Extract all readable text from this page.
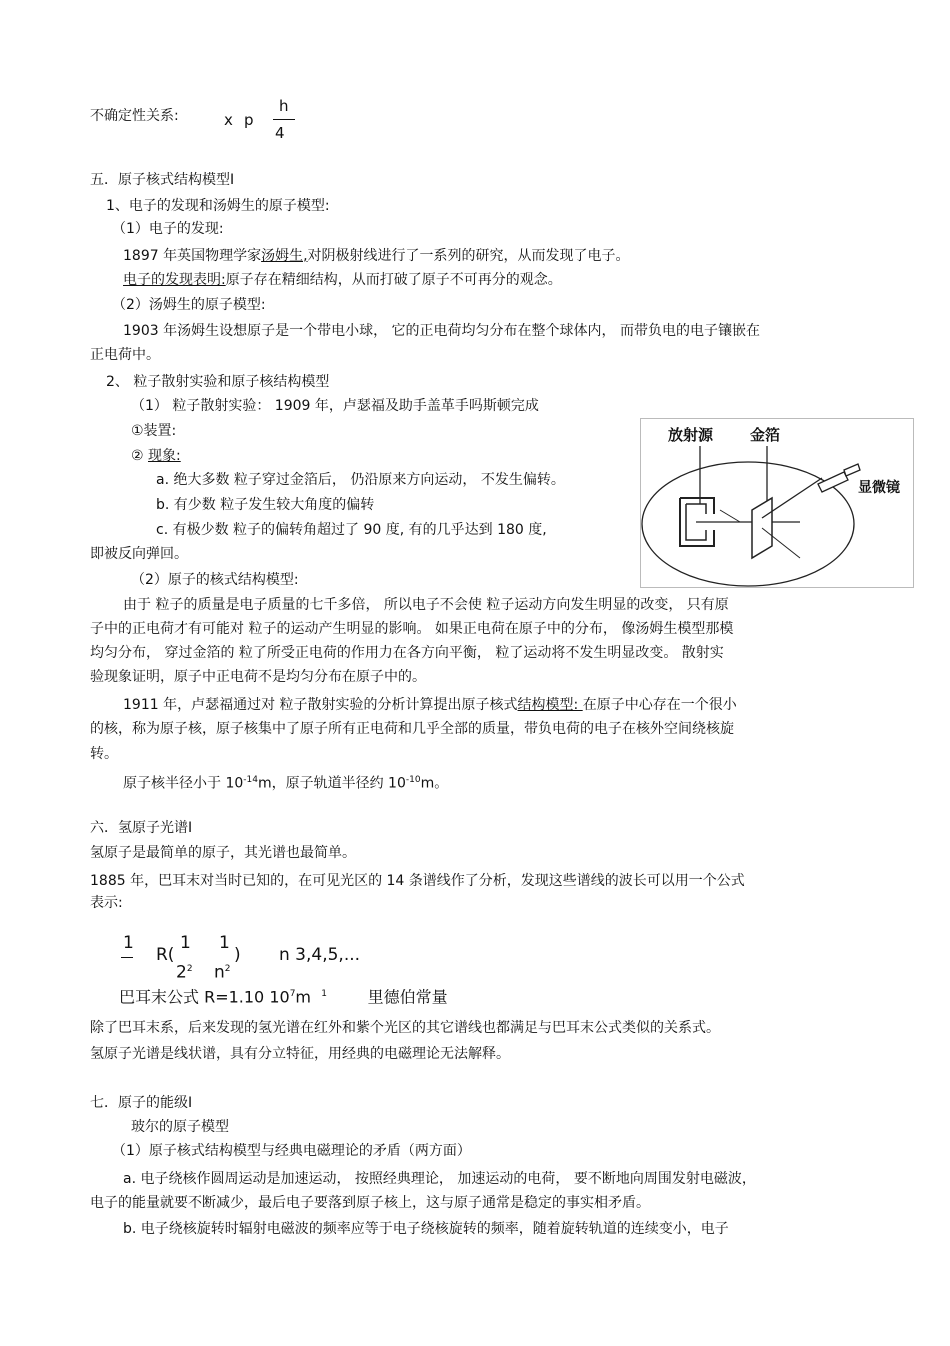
不确定性关系:	x p
h
4
五．原子核式结构模型Ⅰ
1、电子的发现和汤姆生的原子模型:
（1）电子的发现:
1897 年英国物理学家汤姆生,对阴极射线进行了一系列的研究，从而发现了电子。
电子的发现表明:原子存在精细结构，从而打破了原子不可再分的观念。
（2）汤姆生的原子模型:
1903 年汤姆生设想原子是一个带电小球， 它的正电荷均匀分布在整个球体内， 而带负电的电子镶嵌在
正电荷中。
2、 粒子散射实验和原子核结构模型
（1） 粒子散射实验： 1909 年，卢瑟福及助手盖革手吗斯顿完成
①装置:
② 现象:
a. 绝大多数 粒子穿过金箔后， 仍沿原来方向运动， 不发生偏转。
b. 有少数 粒子发生较大角度的偏转
c. 有极少数 粒子的偏转角超过了 90 度, 有的几乎达到 180 度,
即被反向弹回。
（2）原子的核式结构模型:
由于 粒子的质量是电子质量的七千多倍， 所以电子不会使 粒子运动方向发生明显的改变， 只有原
子中的正电荷才有可能对 粒子的运动产生明显的影响。 如果正电荷在原子中的分布， 像汤姆生模型那模
均匀分布， 穿过金箔的 粒了所受正电荷的作用力在各方向平衡， 粒了运动将不发生明显改变。 散射实
验现象证明，原子中正电荷不是均匀分布在原子中的。
1911 年，卢瑟福通过对 粒子散射实验的分析计算提出原子核式结构模型: 在原子中心存在一个很小
的核，称为原子核，原子核集中了原子所有正电荷和几乎全部的质量，带负电荷的电子在核外空间绕核旋
转。
原子核半径小于 $10^{-14}m$，原子轨道半径约 $10^{-10}m$。
放射源 金箔
显微镜
六．氢原子光谱Ⅰ
氢原子是最简单的原子，其光谱也最简单。
1885 年，巴耳末对当时已知的，在可见光区的 14 条谱线作了分析，发现这些谱线的波长可以用一个公式
表示:
1
R(
1
$2^2$
1
$n^2$
) n 3,4,5,...
巴耳末公式 R=1.10 $10^7m$ $^1$	里德伯常量
除了巴耳末系，后来发现的氢光谱在红外和紫个光区的其它谱线也都满足与巴耳末公式类似的关系式。
氢原子光谱是线状谱，具有分立特征，用经典的电磁理论无法解释。
七．原子的能级Ⅰ
玻尔的原子模型
（1）原子核式结构模型与经典电磁理论的矛盾（两方面）
a. 电子绕核作圆周运动是加速运动， 按照经典理论， 加速运动的电荷， 要不断地向周围发射电磁波，
电子的能量就要不断减少，最后电子要落到原子核上，这与原子通常是稳定的事实相矛盾。
b. 电子绕核旋转时辐射电磁波的频率应等于电子绕核旋转的频率，随着旋转轨道的连续变小，电子
